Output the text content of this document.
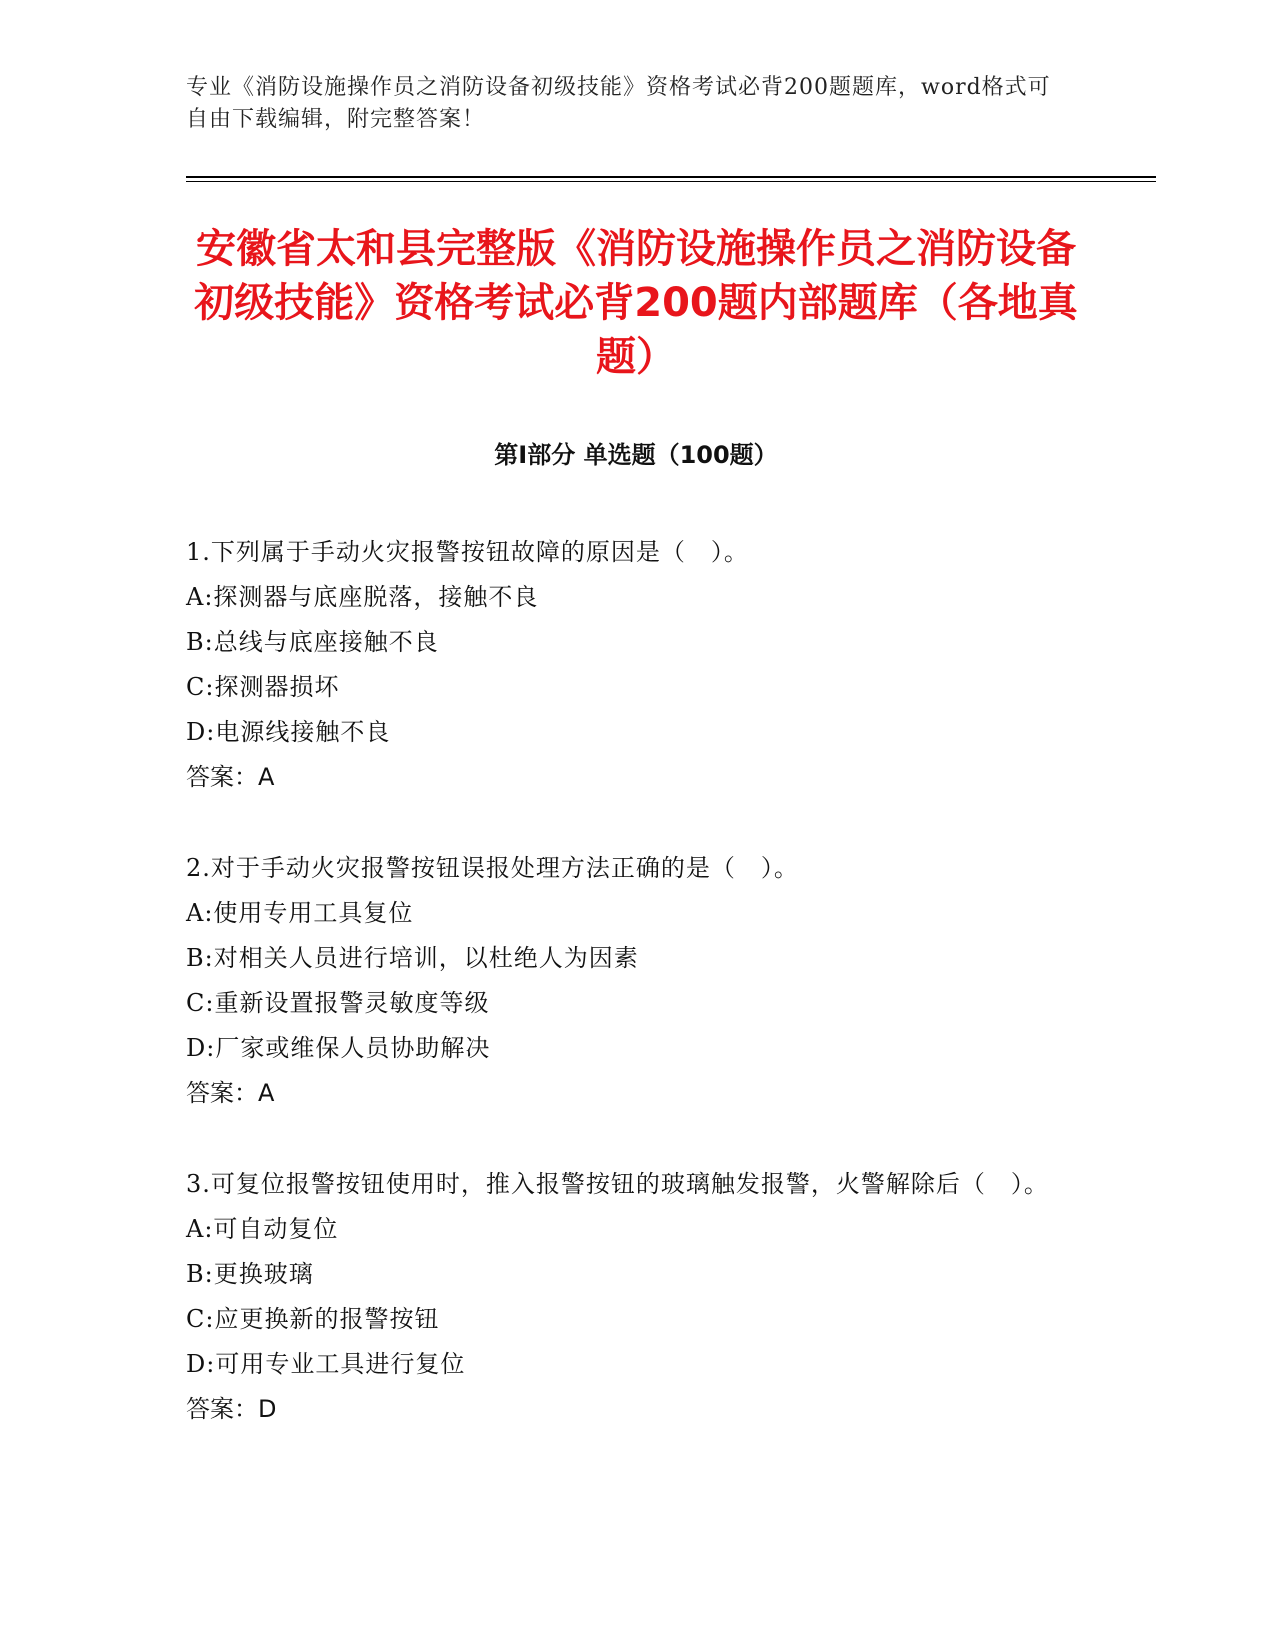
专业《消防设施操作员之消防设备初级技能》资格考试必背200题题库，word格式可自由下载编辑，附完整答案！
安徽省太和县完整版《消防设施操作员之消防设备初级技能》资格考试必背200题内部题库（各地真题）
第I部分 单选题（100题）
1.下列属于手动火灾报警按钮故障的原因是（　）。
A:探测器与底座脱落，接触不良
B:总线与底座接触不良
C:探测器损坏
D:电源线接触不良
答案：A
2.对于手动火灾报警按钮误报处理方法正确的是（　）。
A:使用专用工具复位
B:对相关人员进行培训，以杜绝人为因素
C:重新设置报警灵敏度等级
D:厂家或维保人员协助解决
答案：A
3.可复位报警按钮使用时，推入报警按钮的玻璃触发报警，火警解除后（　）。
A:可自动复位
B:更换玻璃
C:应更换新的报警按钮
D:可用专业工具进行复位
答案：D
